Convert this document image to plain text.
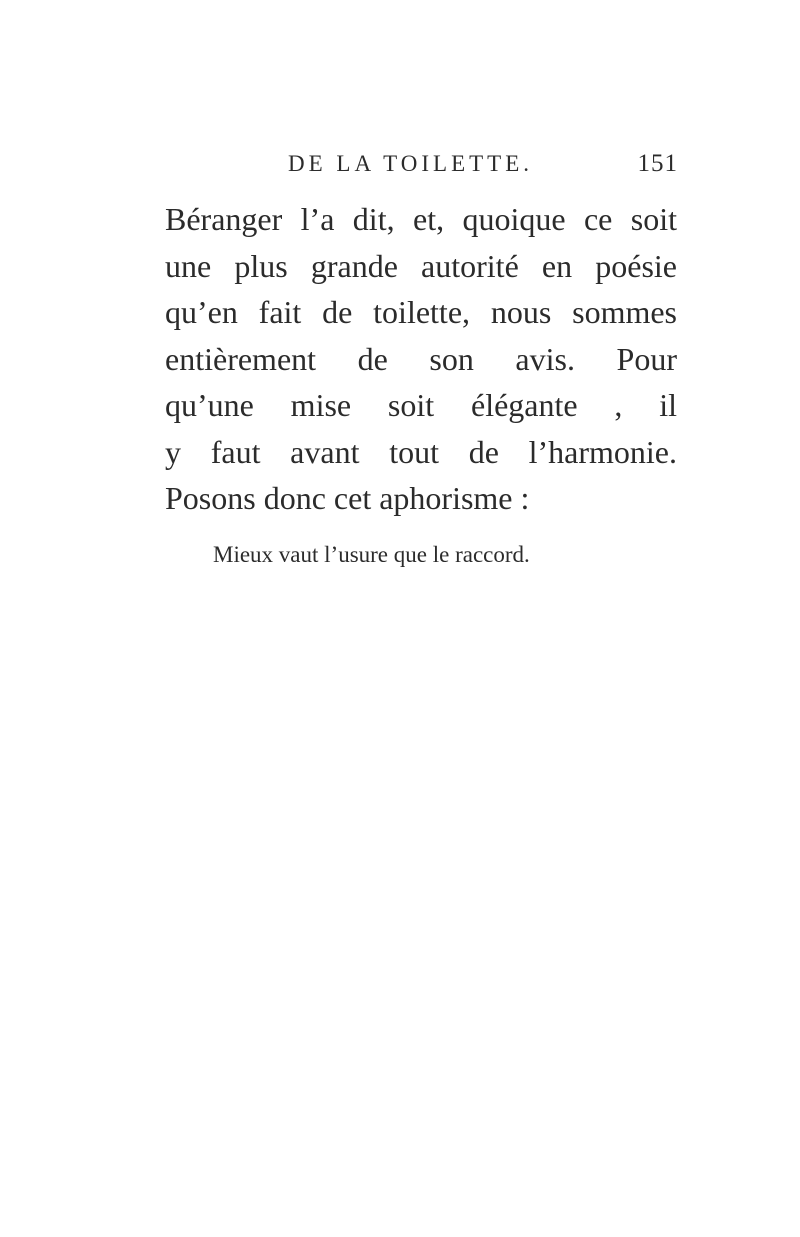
DE LA TOILETTE.	151
Béranger l’a dit, et, quoique ce soit
une plus grande autorité en poésie
qu’en fait de toilette, nous sommes
entièrement de son avis. Pour
qu’une mise soit élégante , il
y faut avant tout de l’harmonie.
Posons donc cet aphorisme :
Mieux vaut l’usure que le raccord.
